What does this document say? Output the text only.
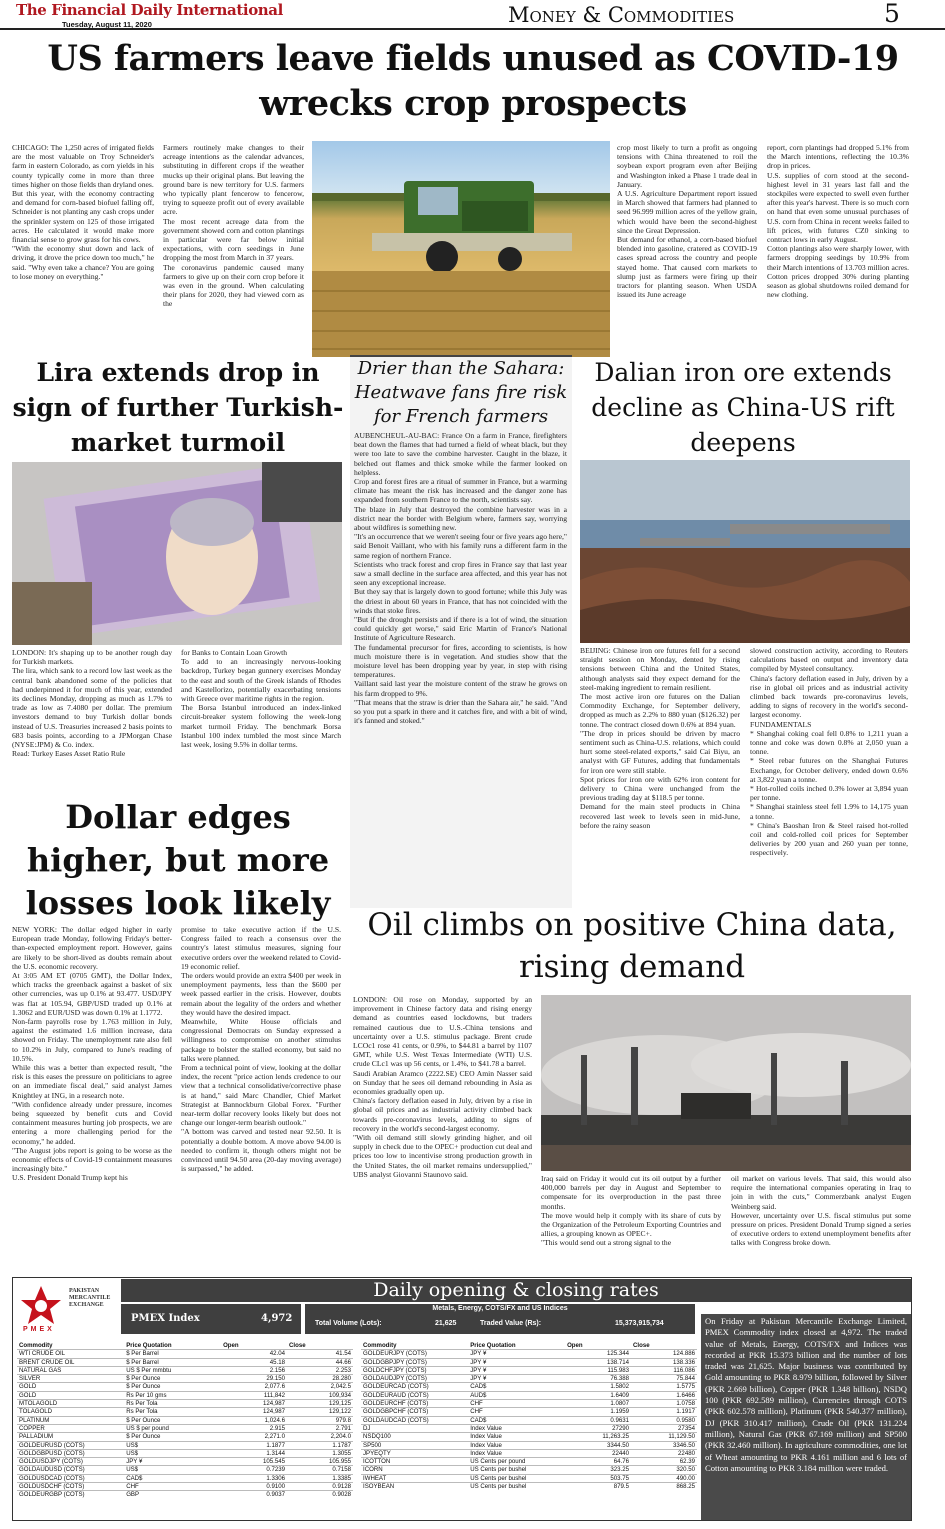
The Financial Daily International
Tuesday, August 11, 2020	Money & Commodities	5
US farmers leave fields unused as COVID-19 wrecks crop prospects
CHICAGO: The 1,250 acres of irrigated fields are the most valuable on Troy Schneider's farm in eastern Colorado, as corn yields in his county typically come in more than three times higher on those fields than dryland ones.
But this year, with the economy contracting and demand for corn-based biofuel falling off, Schneider is not planting any cash crops under the sprinkler system on 125 of those irrigated acres. He calculated it would make more financial sense to grow grass for his cows.
"With the economy shut down and lack of driving, it drove the price down too much," he said. "Why even take a chance? You are going to lose money on everything."
Farmers routinely make changes to their acreage intentions as the calendar advances, substituting in different crops if the weather mucks up their original plans. But leaving the ground bare is new territory for U.S. farmers who typically plant fencerow to fencerow, trying to squeeze profit out of every available acre.
The most recent acreage data from the government showed corn and cotton plantings in particular were far below initial expectations, with corn seedings in June dropping the most from March in 37 years.
The coronavirus pandemic caused many farmers to give up on their corn crop before it was even in the ground. When calculating their plans for 2020, they had viewed corn as the
crop most likely to turn a profit as ongoing tensions with China threatened to roil the soybean export program even after Beijing and Washington inked a Phase 1 trade deal in January.
A U.S. Agriculture Department report issued in March showed that farmers had planned to seed 96.999 million acres of the yellow grain, which would have been the second-highest since the Great Depression.
But demand for ethanol, a corn-based biofuel blended into gasoline, cratered as COVID-19 cases spread across the country and people stayed home. That caused corn markets to slump just as farmers were firing up their tractors for planting season. When USDA issued its June acreage
report, corn plantings had dropped 5.1% from the March intentions, reflecting the 10.3% drop in prices.
U.S. supplies of corn stood at the second-highest level in 31 years last fall and the stockpiles were expected to swell even further after this year's harvest. There is so much corn on hand that even some unusual purchases of U.S. corn from China in recent weeks failed to lift prices, with futures CZ0 sinking to contract lows in early August.
Cotton plantings also were sharply lower, with farmers dropping seedings by 10.9% from their March intentions of 13.703 million acres. Cotton prices dropped 30% during planting season as global shutdowns roiled demand for new clothing.
Lira extends drop in sign of further Turkish-market turmoil
LONDON: It's shaping up to be another rough day for Turkish markets.
The lira, which sank to a record low last week as the central bank abandoned some of the policies that had underpinned it for much of this year, extended its declines Monday, dropping as much as 1.7% to trade as low as 7.4080 per dollar. The premium investors demand to buy Turkish dollar bonds instead of U.S. Treasuries increased 2 basis points to 683 basis points, according to a JPMorgan Chase (NYSE:JPM) & Co. index.
Read: Turkey Eases Asset Ratio Rule
for Banks to Contain Loan Growth
To add to an increasingly nervous-looking backdrop, Turkey began gunnery exercises Monday to the east and south of the Greek islands of Rhodes and Kastellorizo, potentially exacerbating tensions with Greece over maritime rights in the region.
The Borsa Istanbul introduced an index-linked circuit-breaker system following the week-long market turmoil Friday. The benchmark Borsa Istanbul 100 index tumbled the most since March last week, losing 9.5% in dollar terms.
Dollar edges higher, but more losses look likely
NEW YORK: The dollar edged higher in early European trade Monday, following Friday's better-than-expected employment report. However, gains are likely to be short-lived as doubts remain about the U.S. economic recovery.
At 3:05 AM ET (0705 GMT), the Dollar Index, which tracks the greenback against a basket of six other currencies, was up 0.1% at 93.477. USD/JPY was flat at 105.94, GBP/USD traded up 0.1% at 1.3062 and EUR/USD was down 0.1% at 1.1772.
Non-farm payrolls rose by 1.763 million in July, against the estimated 1.6 million increase, data showed on Friday. The unemployment rate also fell to 10.2% in July, compared to June's reading of 10.5%.
While this was a better than expected result, "the risk is this eases the pressure on politicians to agree on an immediate fiscal deal," said analyst James Knightley at ING, in a research note.
"With confidence already under pressure, incomes being squeezed by benefit cuts and Covid containment measures hurting job prospects, we are entering a more challenging period for the economy," he added.
"The August jobs report is going to be worse as the economic effects of Covid-19 containment measures increasingly bite."
U.S. President Donald Trump kept his
promise to take executive action if the U.S. Congress failed to reach a consensus over the country's latest stimulus measures, signing four executive orders over the weekend related to Covid-19 economic relief.
The orders would provide an extra $400 per week in unemployment payments, less than the $600 per week passed earlier in the crisis. However, doubts remain about the legality of the orders and whether they would have the desired impact.
Meanwhile, White House officials and congressional Democrats on Sunday expressed a willingness to compromise on another stimulus package to bolster the stalled economy, but said no talks were planned.
From a technical point of view, looking at the dollar index, the recent "price action lends credence to our view that a technical consolidative/corrective phase is at hand," said Marc Chandler, Chief Market Strategist at Bannockburn Global Forex. "Further near-term dollar recovery looks likely but does not change our longer-term bearish outlook."
"A bottom was carved and tested near 92.50. It is potentially a double bottom. A move above 94.00 is needed to confirm it, though others might not be convinced until 94.50 area (20-day moving average) is surpassed," he added.
Drier than the Sahara: Heatwave fans fire risk for French farmers
AUBENCHEUL-AU-BAC: France On a farm in France, firefighters beat down the flames that had turned a field of wheat black, but they were too late to save the combine harvester. Caught in the blaze, it belched out flames and thick smoke while the farmer looked on helpless.
Crop and forest fires are a ritual of summer in France, but a warming climate has meant the risk has increased and the danger zone has expanded from southern France to the north, scientists say.
The blaze in July that destroyed the combine harvester was in a district near the border with Belgium where, farmers say, worrying about wildfires is something new.
"It's an occurrence that we weren't seeing four or five years ago here," said Benoit Vaillant, who with his family runs a different farm in the same region of northern France.
Scientists who track forest and crop fires in France say that last year saw a small decline in the surface area affected, and this year has not seen any exceptional increase.
But they say that is largely down to good fortune; while this July was the driest in about 60 years in France, that has not coincided with the winds that stoke fires.
"But if the drought persists and if there is a lot of wind, the situation could quickly get worse," said Eric Martin of France's National Institute of Agriculture Research.
The fundamental precursor for fires, according to scientists, is how much moisture there is in vegetation. And studies show that the moisture level has been dropping year by year, in step with rising temperatures.
Vaillant said last year the moisture content of the straw he grows on his farm dropped to 9%.
"That means that the straw is drier than the Sahara air," he said. "And so you put a spark in there and it catches fire, and with a bit of wind, it's fanned and stoked."
Dalian iron ore extends decline as China-US rift deepens
BEIJING: Chinese iron ore futures fell for a second straight session on Monday, dented by rising tensions between China and the United States, although analysts said they expect demand for the steel-making ingredient to remain resilient.
The most active iron ore futures on the Dalian Commodity Exchange, for September delivery, dropped as much as 2.2% to 880 yuan ($126.32) per tonne. The contract closed down 0.6% at 894 yuan.
"The drop in prices should be driven by macro sentiment such as China-U.S. relations, which could hurt some steel-related exports," said Cai Biyu, an analyst with GF Futures, adding that fundamentals for iron ore were still stable.
Spot prices for iron ore with 62% iron content for delivery to China were unchanged from the previous trading day at $118.5 per tonne.
Demand for the main steel products in China recovered last week to levels seen in mid-June, before the rainy season
slowed construction activity, according to Reuters calculations based on output and inventory data compiled by Mysteel consultancy.
China's factory deflation eased in July, driven by a rise in global oil prices and as industrial activity climbed back towards pre-coronavirus levels, adding to signs of recovery in the world's second-largest economy.
FUNDAMENTALS
* Shanghai coking coal fell 0.8% to 1,211 yuan a tonne and coke was down 0.8% at 2,050 yuan a tonne.
* Steel rebar futures on the Shanghai Futures Exchange, for October delivery, ended down 0.6% at 3,822 yuan a tonne.
* Hot-rolled coils inched 0.3% lower at 3,894 yuan per tonne.
* Shanghai stainless steel fell 1.9% to 14,175 yuan a tonne.
* China's Baoshan Iron & Steel raised hot-rolled coil and cold-rolled coil prices for September deliveries by 200 yuan and 260 yuan per tonne, respectively.
Oil climbs on positive China data, rising demand
LONDON: Oil rose on Monday, supported by an improvement in Chinese factory data and rising energy demand as countries eased lockdowns, but traders remained cautious due to U.S.-China tensions and uncertainty over a U.S. stimulus package. Brent crude LCOc1 rose 41 cents, or 0.9%, to $44.81 a barrel by 1107 GMT, while U.S. West Texas Intermediate (WTI) U.S. crude CLc1 was up 56 cents, or 1.4%, to $41.78 a barrel.
Saudi Arabian Aramco (2222.SE) CEO Amin Nasser said on Sunday that he sees oil demand rebounding in Asia as economies gradually open up.
China's factory deflation eased in July, driven by a rise in global oil prices and as industrial activity climbed back towards pre-coronavirus levels, adding to signs of recovery in the world's second-largest economy.
"With oil demand still slowly grinding higher, and oil supply in check due to the OPEC+ production cut deal and prices too low to incentivise strong production growth in the United States, the oil market remains undersupplied," UBS analyst Giovanni Staunovo said.	Iraq said on Friday it would cut its oil output by a further 400,000 barrels per day in August and September to compensate for its overproduction in the past three months.
The move would help it comply with its share of cuts by the Organization of the Petroleum Exporting Countries and allies, a grouping known as OPEC+.
"This would send out a strong signal to the
oil market on various levels. That said, this would also require the international companies operating in Iraq to join in with the cuts," Commerzbank analyst Eugen Weinberg said.
However, uncertainty over U.S. fiscal stimulus put some pressure on prices. President Donald Trump signed a series of executive orders to extend unemployment benefits after talks with Congress broke down.
PMEX
PAKISTAN MERCANTILE EXCHANGE
Daily opening & closing rates
PMEX Index	4,972
Metals, Energy, COTS/FX and US Indices
Total Volume (Lots):	21,625	Traded Value (Rs):	15,373,915,734	On Friday at Pakistan Mercantile Exchange Limited, PMEX Commodity index closed at 4,972. The traded value of Metals, Energy, COTS/FX and Indices was recorded at PKR 15.373 billion and the number of lots traded was 21,625. Major business was contributed by Gold amounting to PKR 8.979 billion, followed by Silver (PKR 2.669 billion), Copper (PKR 1.348 billion), NSDQ 100 (PKR 692.589 million), Currencies through COTS (PKR 602.578 million), Platinum (PKR 540.377 million), DJ (PKR 310.417 million), Crude Oil (PKR 131.224 million), Natural Gas (PKR 67.169 million) and SP500 (PKR 32.460 million). In agriculture commodities, one lot of Wheat amounting to PKR 4.161 million and 6 lots of Cotton amounting to PKR 3.184 million were traded.
Commodity	Price Quotation	Open	Close
WTI CRUDE OIL	$ Per Barrel	42.04	41.54
BRENT CRUDE OIL	$ Per Barrel	45.18	44.66
NATURAL GAS	US $ Per mmbtu	2.156	2.253
SILVER	$ Per Ounce	29.150	28.280
GOLD	$ Per Ounce	2,077.6	2,042.5
GOLD	Rs Per 10 gms	111,842	109,934
MTOLAGOLD	Rs Per Tola	124,987	129,125
TOLAGOLD	Rs Per Tola	124,987	129,122
PLATINUM	$ Per Ounce	1,024.6	979.8
COPPER	US $ per pound	2.915	2.791
PALLADIUM	$ Per Ounce	2,271.0	2,204.0
GOLDEURUSD (COTS)	US$	1.1877	1.1787
GOLDGBPUSD (COTS)	US$	1.3144	1.3055
GOLDUSDJPY (COTS)	JPY ¥	105.545	105.955
GOLDAUDUSD (COTS)	US$	0.7239	0.7158
GOLDUSDCAD (COTS)	CAD$	1.3306	1.3385
GOLDUSDCHF (COTS)	CHF	0.9100	0.9128
GOLDEURGBP (COTS)	GBP	0.9037	0.9028
Commodity	Price Quotation	Open	Close
GOLDEURJPY (COTS)	JPY ¥	125.344	124.886
GOLDGBPJPY (COTS)	JPY ¥	138.714	138.336
GOLDCHFJPY (COTS)	JPY ¥	115.983	116.086
GOLDAUDJPY (COTS)	JPY ¥	76.388	75.844
GOLDEURCAD (COTS)	CAD$	1.5802	1.5775
GOLDEURAUD (COTS)	AUD$	1.6409	1.6466
GOLDEURCHF (COTS)	CHF	1.0807	1.0758
GOLDGBPCHF (COTS)	CHF	1.1959	1.1917
GOLDAUDCAD (COTS)	CAD$	0.9631	0.9580
DJ	Index Value	27290	27354
NSDQ100	Index Value	11,263.25	11,129.50
SP500	Index Value	3344.50	3346.50
JPYEQTY	Index Value	22440	22480
ICOTTON	US Cents per pound	64.76	62.39
ICORN	US Cents per bushel	323.25	320.50
IWHEAT	US Cents per bushel	503.75	490.00
ISOYBEAN	US Cents per bushel	879.5	868.25
